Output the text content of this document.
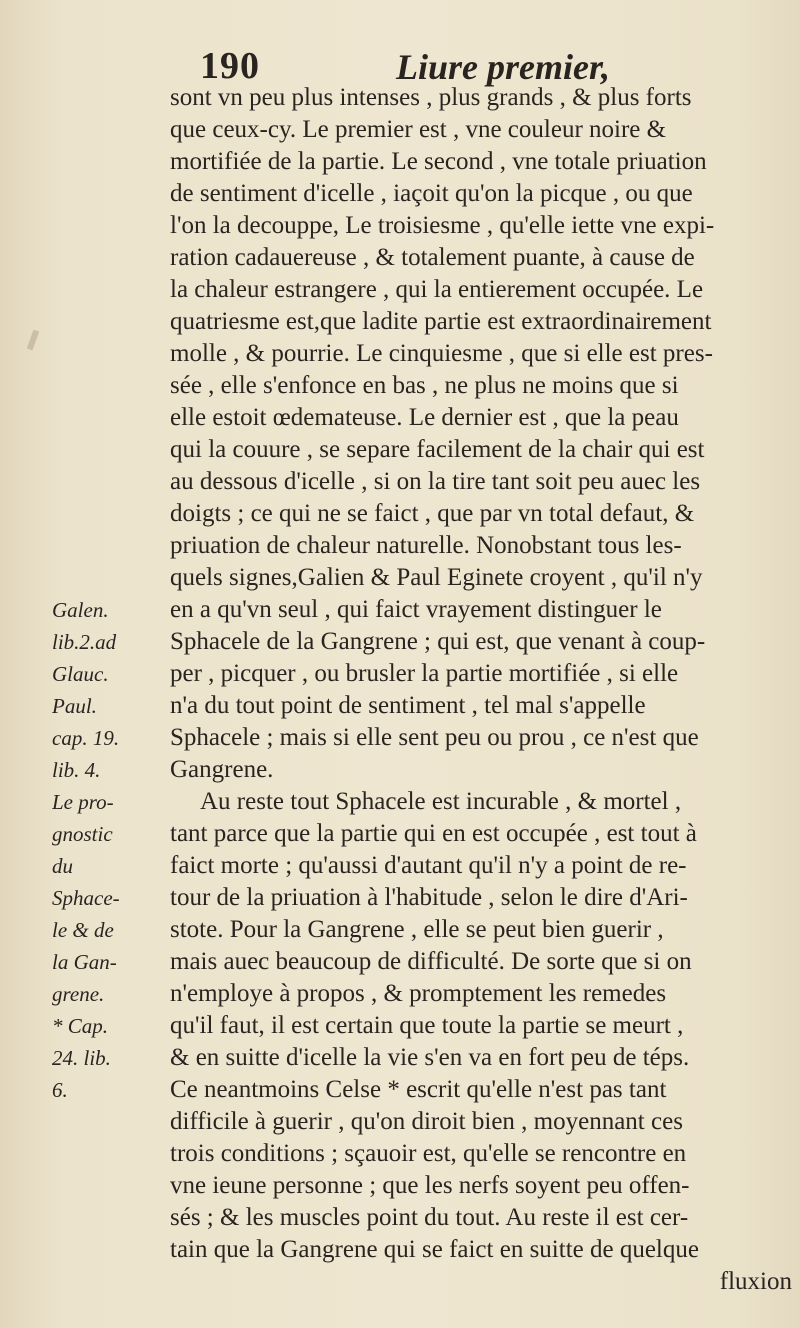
190	Liure premier,
sont vn peu plus intenses , plus grands , & plus forts
que ceux-cy. Le premier est , vne couleur noire &
mortifiée de la partie. Le second , vne totale priuation
de sentiment d'icelle , iaçoit qu'on la picque , ou que
l'on la decouppe, Le troisiesme , qu'elle iette vne expi-
ration cadauereuse , & totalement puante, à cause de
la chaleur estrangere , qui la entierement occupée. Le
quatriesme est,que ladite partie est extraordinairement
molle , & pourrie. Le cinquiesme , que si elle est pres-
sée , elle s'enfonce en bas , ne plus ne moins que si
elle estoit œdemateuse. Le dernier est , que la peau
qui la couure , se separe facilement de la chair qui est
au dessous d'icelle , si on la tire tant soit peu auec les
doigts ; ce qui ne se faict , que par vn total defaut, &
priuation de chaleur naturelle. Nonobstant tous les-
quels signes,Galien & Paul Eginete croyent , qu'il n'y
en a qu'vn seul , qui faict vrayement distinguer le
Sphacele de la Gangrene ; qui est, que venant à coup-
per , picquer , ou brusler la partie mortifiée , si elle
n'a du tout point de sentiment , tel mal s'appelle
Sphacele ; mais si elle sent peu ou prou , ce n'est que
Gangrene.
Au reste tout Sphacele est incurable , & mortel ,
tant parce que la partie qui en est occupée , est tout à
faict morte ; qu'aussi d'autant qu'il n'y a point de re-
tour de la priuation à l'habitude , selon le dire d'Ari-
stote. Pour la Gangrene , elle se peut bien guerir ,
mais auec beaucoup de difficulté. De sorte que si on
n'employe à propos , & promptement les remedes
qu'il faut, il est certain que toute la partie se meurt ,
& en suitte d'icelle la vie s'en va en fort peu de téps.
Ce neantmoins Celse * escrit qu'elle n'est pas tant
difficile à guerir , qu'on diroit bien , moyennant ces
trois conditions ; sçauoir est, qu'elle se rencontre en
vne ieune personne ; que les nerfs soyent peu offen-
sés ; & les muscles point du tout. Au reste il est cer-
tain que la Gangrene qui se faict en suitte de quelque
fluxion
Galen.
lib.2.ad
Glauc.
Paul.
cap. 19.
lib. 4.
Le pro-
gnostic
du
Sphace-
le & de
la Gan-
grene.
* Cap.
24. lib.
6.
